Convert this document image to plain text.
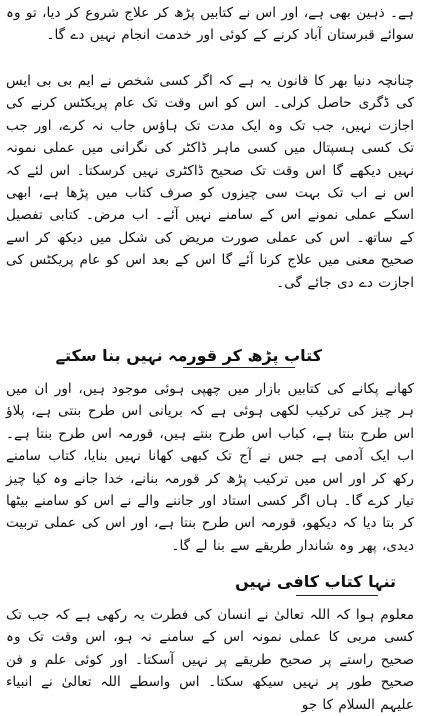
ہے۔ ذہین بھی ہے، اور اس نے کتابیں پڑھ کر علاج شروع کر دیا، تو وہ سوائے قبرستان آباد کرنے کے کوئی اور خدمت انجام نہیں دے گا۔

چنانچہ دنیا بھر کا قانون یہ ہے کہ اگر کسی شخص نے ایم بی بی ایس کی ڈگری حاصل کرلی۔ اس کو اس وقت تک عام پریکٹس کرنے کی اجازت نہیں، جب تک وہ ایک مدت تک ہاؤس جاب نہ کرے، اور جب تک کسی ہسپتال میں کسی ماہر ڈاکٹر کی نگرانی میں عملی نمونہ نہیں دیکھے گا اس وقت تک صحیح ڈاکٹری نہیں کرسکتا۔ اس لئے کہ اس نے اب تک بہت سی چیزوں کو صرف کتاب میں پڑھا ہے، ابھی اسکے عملی نمونے اس کے سامنے نہیں آئے۔ اب مرض۔ کتابی تفصیل کے ساتھ۔ اس کی عملی صورت مریض کی شکل میں دیکھ کر اسے صحیح معنی میں علاج کرنا آئے گا اس کے بعد اس کو عام پریکٹس کی اجازت دے دی جائے گی۔

کتاب پڑھ کر قورمہ نہیں بنا سکتے

کھانے پکانے کی کتابیں بازار میں چھپی ہوئی موجود ہیں، اور ان میں ہر چیز کی ترکیب لکھی ہوئی ہے کہ بریانی اس طرح بنتی ہے، پلاؤ اس طرح بنتا ہے، کباب اس طرح بنتے ہیں، قورمہ اس طرح بنتا ہے۔ اب ایک آدمی ہے جس نے آج تک کبھی کھانا نہیں بنایا، کتاب سامنے رکھ کر اور اس میں ترکیب پڑھ کر قورمہ بنانے، خدا جانے وہ کیا چیز تیار کرے گا۔ ہاں اگر کسی استاد اور جاننے والے نے اس کو سامنے بیٹھا کر بتا دیا کہ دیکھو، قورمہ اس طرح بنتا ہے، اور اس کی عملی تربیت دیدی، پھر وہ شاندار طریقے سے بنا لے گا۔

تنہا کتاب کافی نہیں

معلوم ہوا کہ اللہ تعالیٰ نے انسان کی فطرت یہ رکھی ہے کہ جب تک کسی مربی کا عملی نمونہ اس کے سامنے نہ ہو، اس وقت تک وہ صحیح راستے پر صحیح طریقے پر نہیں آسکتا۔ اور کوئی علم و فن صحیح طور پر نہیں سیکھ سکتا۔ اس واسطے اللہ تعالیٰ نے انبیاء علیہم السلام کا جو
